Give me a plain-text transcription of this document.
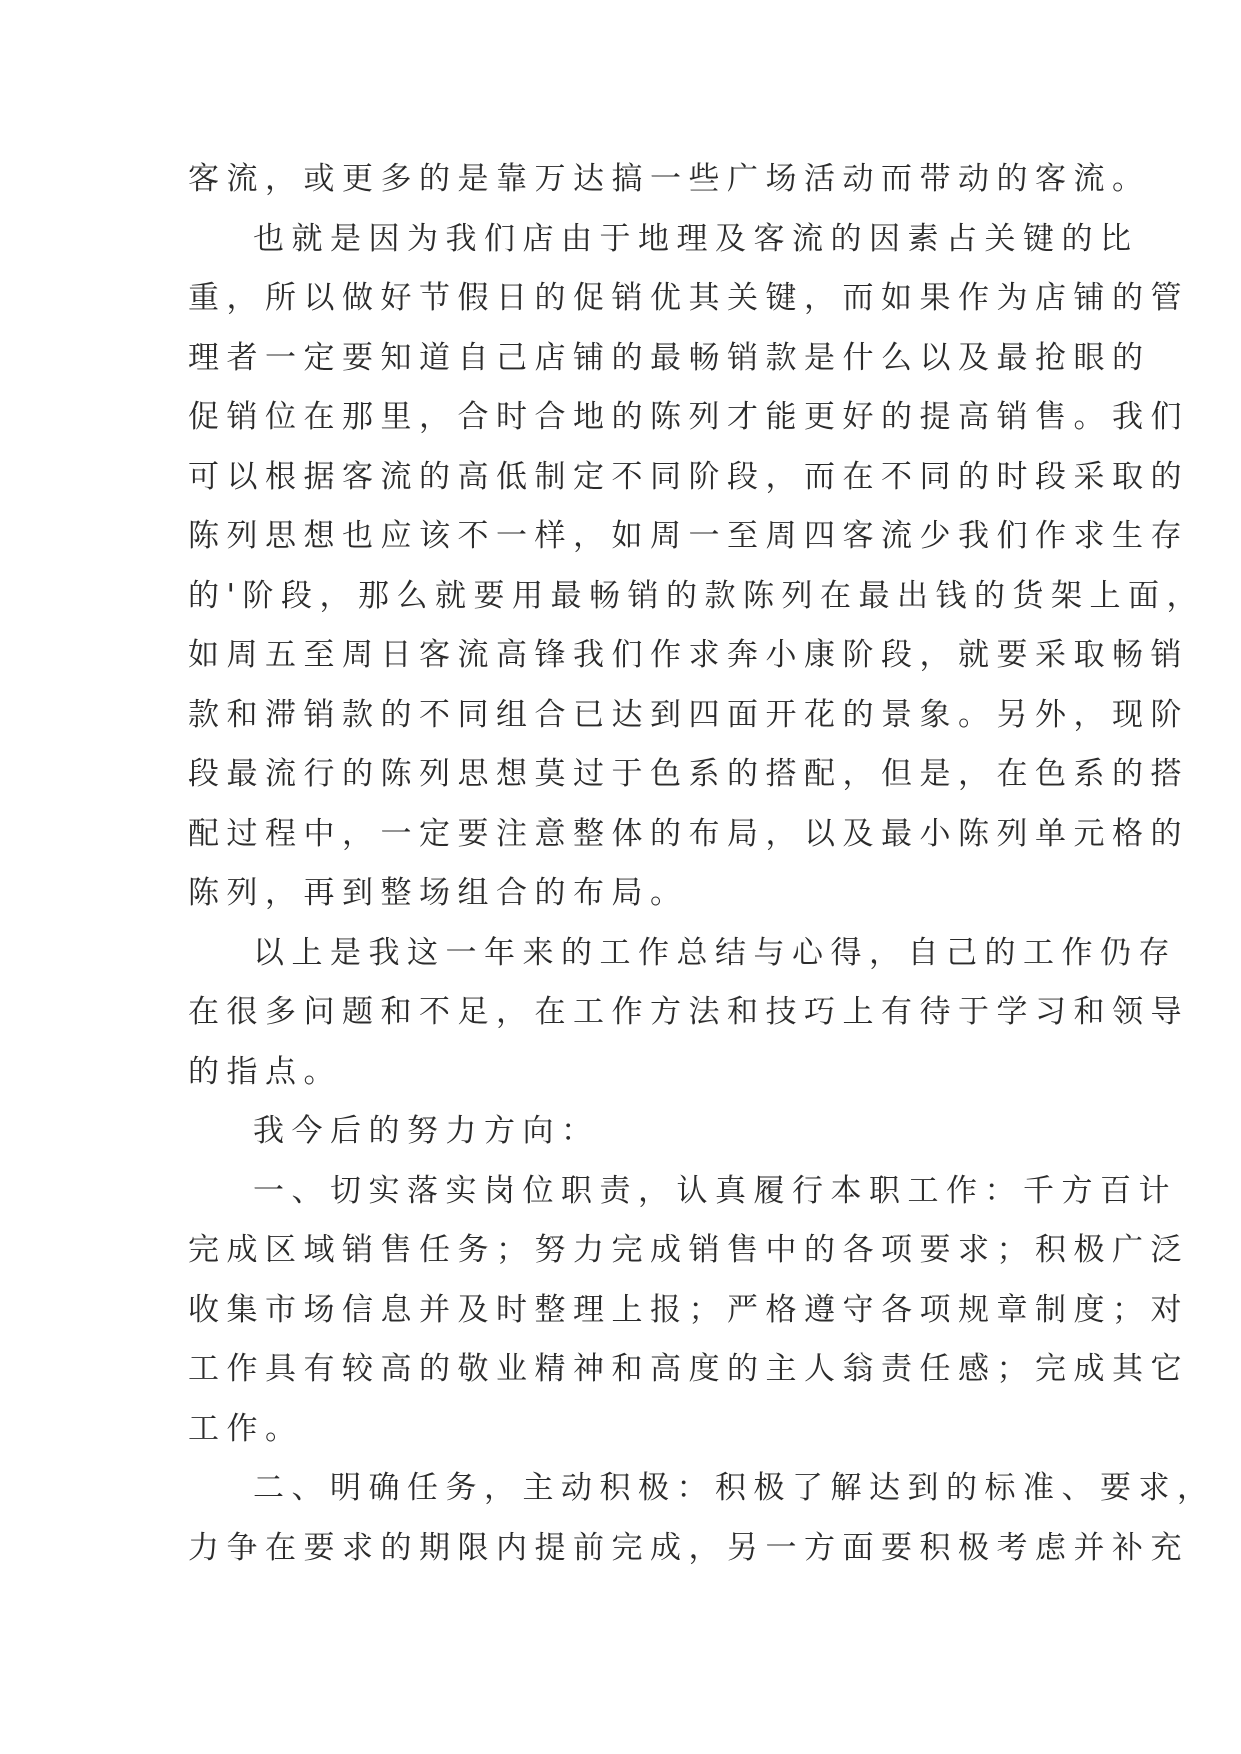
客流，或更多的是靠万达搞一些广场活动而带动的客流。
也就是因为我们店由于地理及客流的因素占关键的比
重，所以做好节假日的促销优其关键，而如果作为店铺的管
理者一定要知道自己店铺的最畅销款是什么以及最抢眼的
促销位在那里，合时合地的陈列才能更好的提高销售。我们
可以根据客流的高低制定不同阶段，而在不同的时段采取的
陈列思想也应该不一样，如周一至周四客流少我们作求生存
的'阶段，那么就要用最畅销的款陈列在最出钱的货架上面，
如周五至周日客流高锋我们作求奔小康阶段，就要采取畅销
款和滞销款的不同组合已达到四面开花的景象。另外，现阶
段最流行的陈列思想莫过于色系的搭配，但是，在色系的搭
配过程中，一定要注意整体的布局，以及最小陈列单元格的
陈列，再到整场组合的布局。
以上是我这一年来的工作总结与心得，自己的工作仍存
在很多问题和不足，在工作方法和技巧上有待于学习和领导
的指点。
我今后的努力方向：
一、切实落实岗位职责，认真履行本职工作：千方百计
完成区域销售任务；努力完成销售中的各项要求；积极广泛
收集市场信息并及时整理上报；严格遵守各项规章制度；对
工作具有较高的敬业精神和高度的主人翁责任感；完成其它
工作。
二、明确任务，主动积极：积极了解达到的标准、要求，
力争在要求的期限内提前完成，另一方面要积极考虑并补充
